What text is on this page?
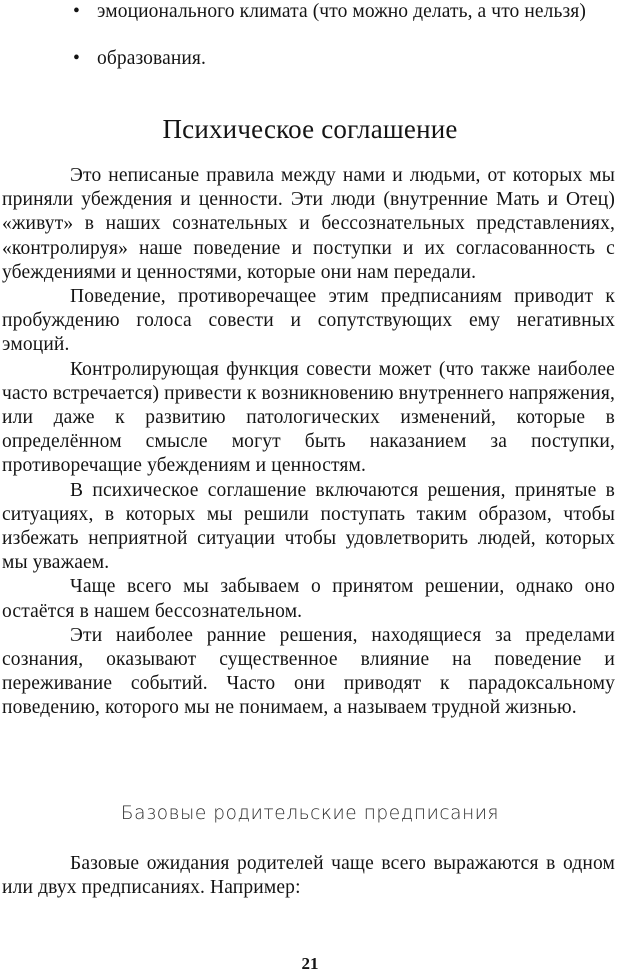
• эмоционального климата (что можно делать, а что нельзя)
• образования.
Психическое соглашение

Это неписаные правила между нами и людьми, от которых мы приняли убеждения и ценности. Эти люди (внутренние Мать и Отец) «живут» в наших сознательных и бессознательных представлениях, «контролируя» наше поведение и поступки и их согласованность с убеждениями и ценностями, которые они нам передали.

Поведение, противоречащее этим предписаниям приводит к пробуждению голоса совести и сопутствующих ему негативных эмоций.

Контролирующая функция совести может (что также наиболее часто встречается) привести к возникновению внутреннего напряжения, или даже к развитию патологических изменений, которые в определённом смысле могут быть наказанием за поступки, противоречащие убеждениям и ценностям.

В психическое соглашение включаются решения, принятые в ситуациях, в которых мы решили поступать таким образом, чтобы избежать неприятной ситуации чтобы удовлетворить людей, которых мы уважаем.

Чаще всего мы забываем о принятом решении, однако оно остаётся в нашем бессознательном.

Эти наиболее ранние решения, находящиеся за пределами сознания, оказывают существенное влияние на поведение и переживание событий. Часто они приводят к парадоксальному поведению, которого мы не понимаем, а называем трудной жизнью.

Базовые родительские предписания

Базовые ожидания родителей чаще всего выражаются в одном или двух предписаниях. Например:

21
